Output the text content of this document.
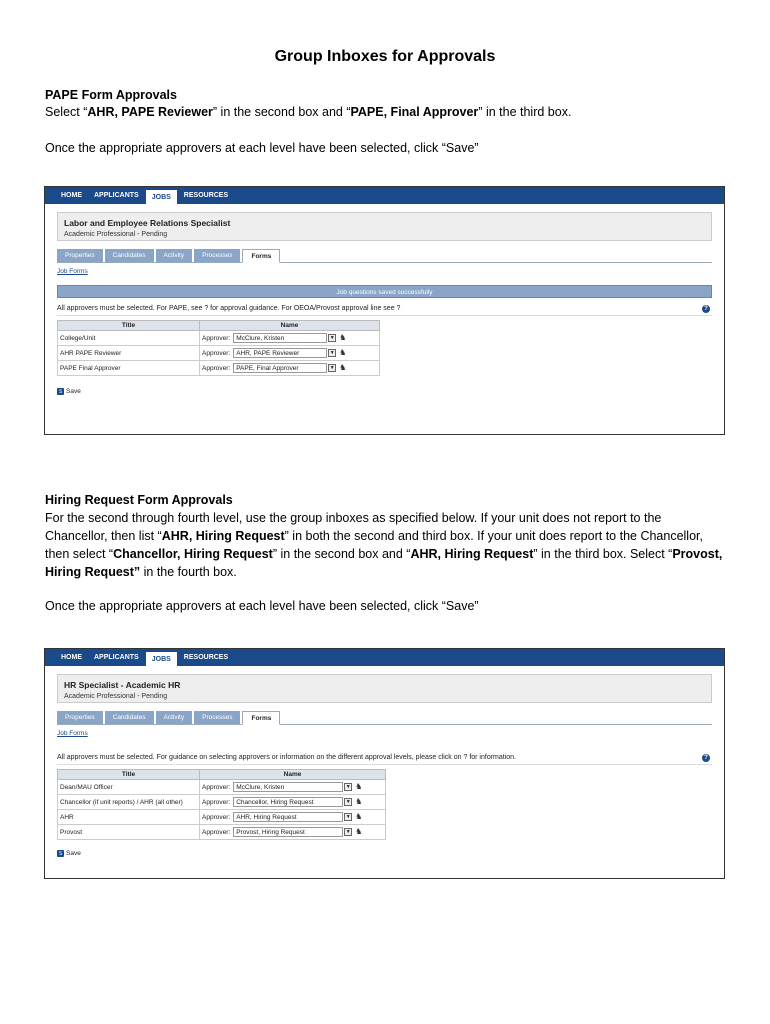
Group Inboxes for Approvals
PAPE Form Approvals
Select “AHR, PAPE Reviewer” in the second box and “PAPE, Final Approver” in the third box.
Once the appropriate approvers at each level have been selected, click “Save”
HOME	APPLICANTS	JOBS	RESOURCES
Labor and Employee Relations Specialist
Academic Professional - Pending
Properties	Candidates	Activity	Processes	Forms
Job Forms
Job questions saved successfully
All approvers must be selected. For PAPE, see ? for approval guidance. For OEOA/Provost approval line see ?	?
Title	Name
College/Unit	Approver: McClure, Kristen ▼ ♞

AHR PAPE Reviewer	Approver: AHR, PAPE Reviewer ▼ ♞

PAPE Final Approver	Approver: PAPE, Final Approver ▼ ♞
S Save
Hiring Request Form Approvals
For the second through fourth level, use the group inboxes as specified below. If your unit does not report to the
Chancellor, then list “AHR, Hiring Request” in both the second and third box. If your unit does report to the Chancellor,
then select “Chancellor, Hiring Request” in the second box and “AHR, Hiring Request” in the third box. Select “Provost,
Hiring Request” in the fourth box.
Once the appropriate approvers at each level have been selected, click “Save”
HOME	APPLICANTS	JOBS	RESOURCES
HR Specialist - Academic HR
Academic Professional - Pending
Properties	Candidates	Activity	Processes	Forms
Job Forms
All approvers must be selected. For guidance on selecting approvers or information on the different approval levels, please click on ? for information.	?
Title	Name
Dean/MAU Officer	Approver: McClure, Kristen ▼ ♞

Chancellor (if unit reports) / AHR (all other)	Approver: Chancellor, Hiring Request ▼ ♞

AHR	Approver: AHR, Hiring Request ▼ ♞

Provost	Approver: Provost, Hiring Request ▼ ♞
S Save
